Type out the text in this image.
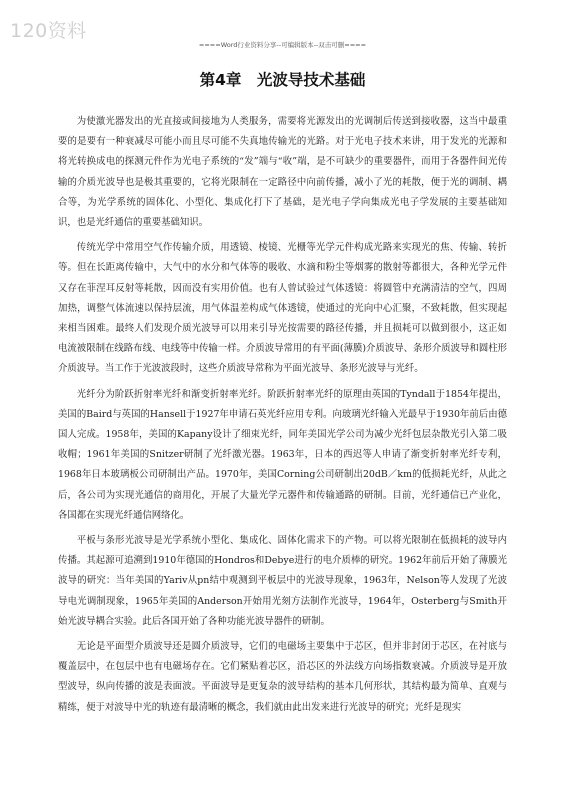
120资料
====Word行业资料分享--可编辑版本--双击可删====
第4章　光波导技术基础

为使激光器发出的光直接或间接地为人类服务，需要将光源发出的光调制后传送到接收器，这当中最重要的是要有一种衰减尽可能小而且尽可能不失真地传输光的光路。对于光电子技术来讲，用于发光的光源和将光转换成电的探测元件作为光电子系统的“发”端与“收”端，是不可缺少的重要器件，而用于各器件间光传输的介质光波导也是极其重要的，它将光限制在一定路径中向前传播，减小了光的耗散，便于光的调制、耦合等，为光学系统的固体化、小型化、集成化打下了基础，是光电子学向集成光电子学发展的主要基础知识，也是光纤通信的重要基础知识。

传统光学中常用空气作传输介质，用透镜、棱镜、光栅等光学元件构成光路来实现光的焦、传输、转折等。但在长距离传输中，大气中的水分和气体等的吸收、水滴和粉尘等烟雾的散射等都很大，各种光学元件又存在菲涅耳反射等耗散，因而没有实用价值。也有人曾试验过气体透镜：将圆管中充满清洁的空气，四周加热，调整气体流速以保持层流，用气体温差构成气体透镜，使通过的光向中心汇聚，不致耗散，但实现起来相当困难。最终人们发现介质光波导可以用来引导光按需要的路径传播，并且损耗可以做到很小，这正如电流被限制在线路布线、电线等中传输一样。介质波导常用的有平面(薄膜)介质波导、条形介质波导和圆柱形介质波导。当工作于光波波段时，这些介质波导常称为平面光波导、条形光波导与光纤。

光纤分为阶跃折射率光纤和渐变折射率光纤。阶跃折射率光纤的原理由英国的Tyndall于1854年提出，美国的Baird与英国的Hansell于1927年申请石英光纤应用专利。向玻璃光纤输入光最早于1930年前后由德国人完成。1958年，美国的Kapany设计了细束光纤，同年美国光学公司为减少光纤包层杂散光引入第二吸收帽；1961年美国的Snitzer研制了光纤激光器。1963年，日本的西迟等人申请了渐变折射率光纤专利，1968年日本玻璃板公司研制出产品。1970年，美国Corning公司研制出20dB／km的低损耗光纤，从此之后，各公司为实现光通信的商用化，开展了大量光学元器件和传输通路的研制。目前，光纤通信已产业化，各国都在实现光纤通信网络化。

平板与条形光波导是光学系统小型化、集成化、固体化需求下的产物。可以将光限制在低损耗的波导内传播。其起源可追溯到1910年德国的Hondros和Debye进行的电介质棒的研究。1962年前后开始了薄膜光波导的研究：当年美国的Yariv从pn结中观测到平板层中的光波导现象，1963年，Nelson等人发现了光波导电光调制现象，1965年美国的Anderson开始用光刻方法制作光波导，1964年，Osterberg与Smith开始光波导耦合实验。此后各国开始了各种功能光波导器件的研制。

无论是平面型介质波导还是圆介质波导，它们的电磁场主要集中于芯区，但并非封闭于芯区，在衬底与覆盖层中，在包层中也有电磁场存在。它们紧贴着芯区，沿芯区的外法线方向场指数衰减。介质波导是开放型波导，纵向传播的波是表面波。平面波导是更复杂的波导结构的基本几何形状，其结构最为简单、直观与精练，便于对波导中光的轨迹有最清晰的概念，我们就由此出发来进行光波导的研究；光纤是现实
